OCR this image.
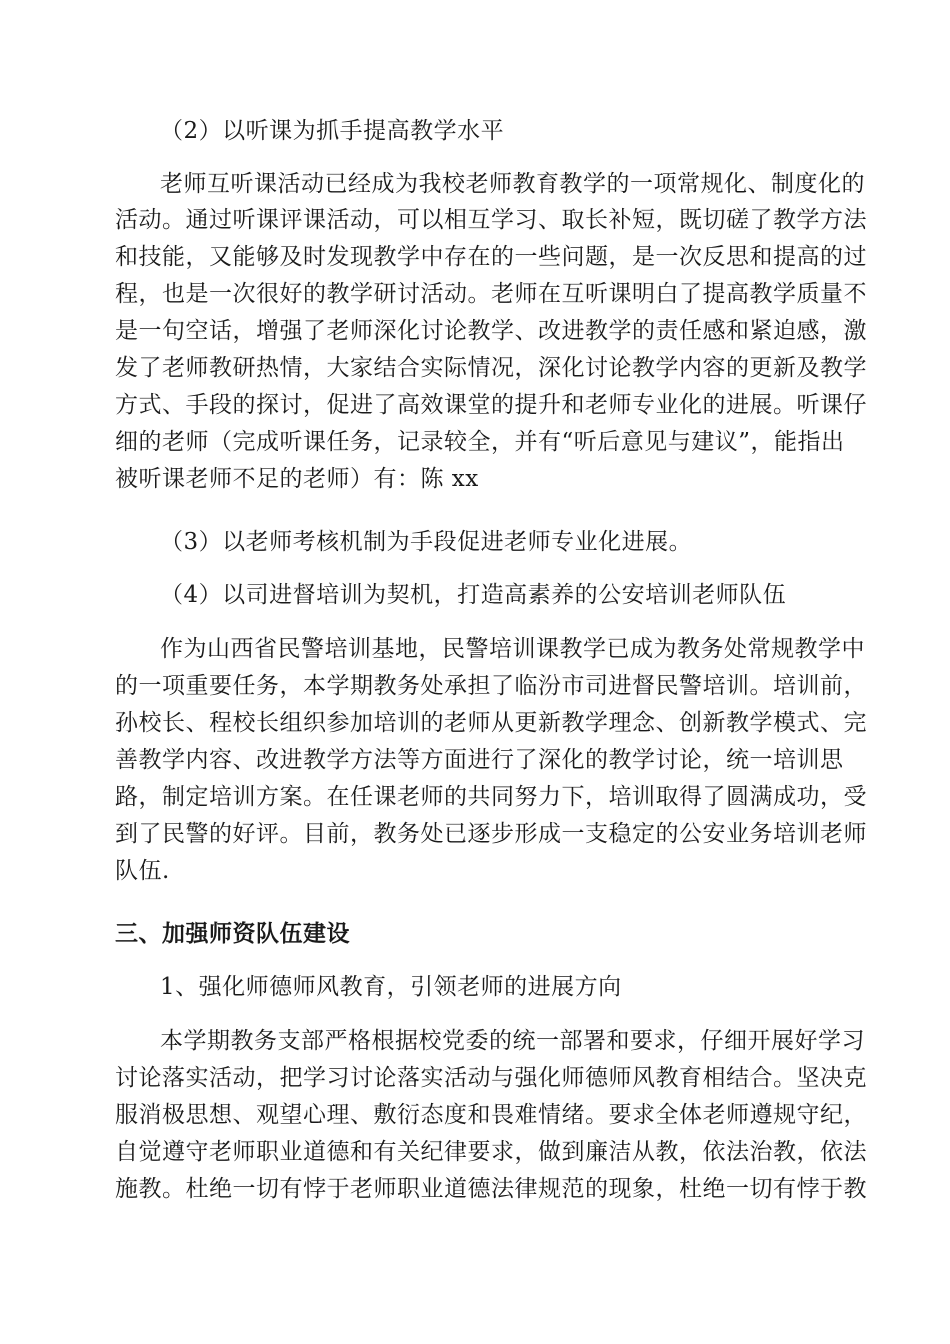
（2）以听课为抓手提高教学水平
老师互听课活动已经成为我校老师教育教学的一项常规化、制度化的
活动。通过听课评课活动，可以相互学习、取长补短，既切磋了教学方法
和技能，又能够及时发现教学中存在的一些问题，是一次反思和提高的过
程，也是一次很好的教学研讨活动。老师在互听课明白了提高教学质量不
是一句空话，增强了老师深化讨论教学、改进教学的责任感和紧迫感，激
发了老师教研热情，大家结合实际情况，深化讨论教学内容的更新及教学
方式、手段的探讨，促进了高效课堂的提升和老师专业化的进展。听课仔
细的老师（完成听课任务，记录较全，并有“听后意见与建议”，能指出
被听课老师不足的老师）有：陈 xx
（3）以老师考核机制为手段促进老师专业化进展。
（4）以司进督培训为契机，打造高素养的公安培训老师队伍
作为山西省民警培训基地，民警培训课教学已成为教务处常规教学中
的一项重要任务，本学期教务处承担了临汾市司进督民警培训。培训前，
孙校长、程校长组织参加培训的老师从更新教学理念、创新教学模式、完
善教学内容、改进教学方法等方面进行了深化的教学讨论，统一培训思
路，制定培训方案。在任课老师的共同努力下，培训取得了圆满成功，受
到了民警的好评。目前，教务处已逐步形成一支稳定的公安业务培训老师
队伍.
三、加强师资队伍建设
1、强化师德师风教育，引领老师的进展方向
本学期教务支部严格根据校党委的统一部署和要求，仔细开展好学习
讨论落实活动，把学习讨论落实活动与强化师德师风教育相结合。坚决克
服消极思想、观望心理、敷衍态度和畏难情绪。要求全体老师遵规守纪，
自觉遵守老师职业道德和有关纪律要求，做到廉洁从教，依法治教，依法
施教。杜绝一切有悖于老师职业道德法律规范的现象，杜绝一切有悖于教
